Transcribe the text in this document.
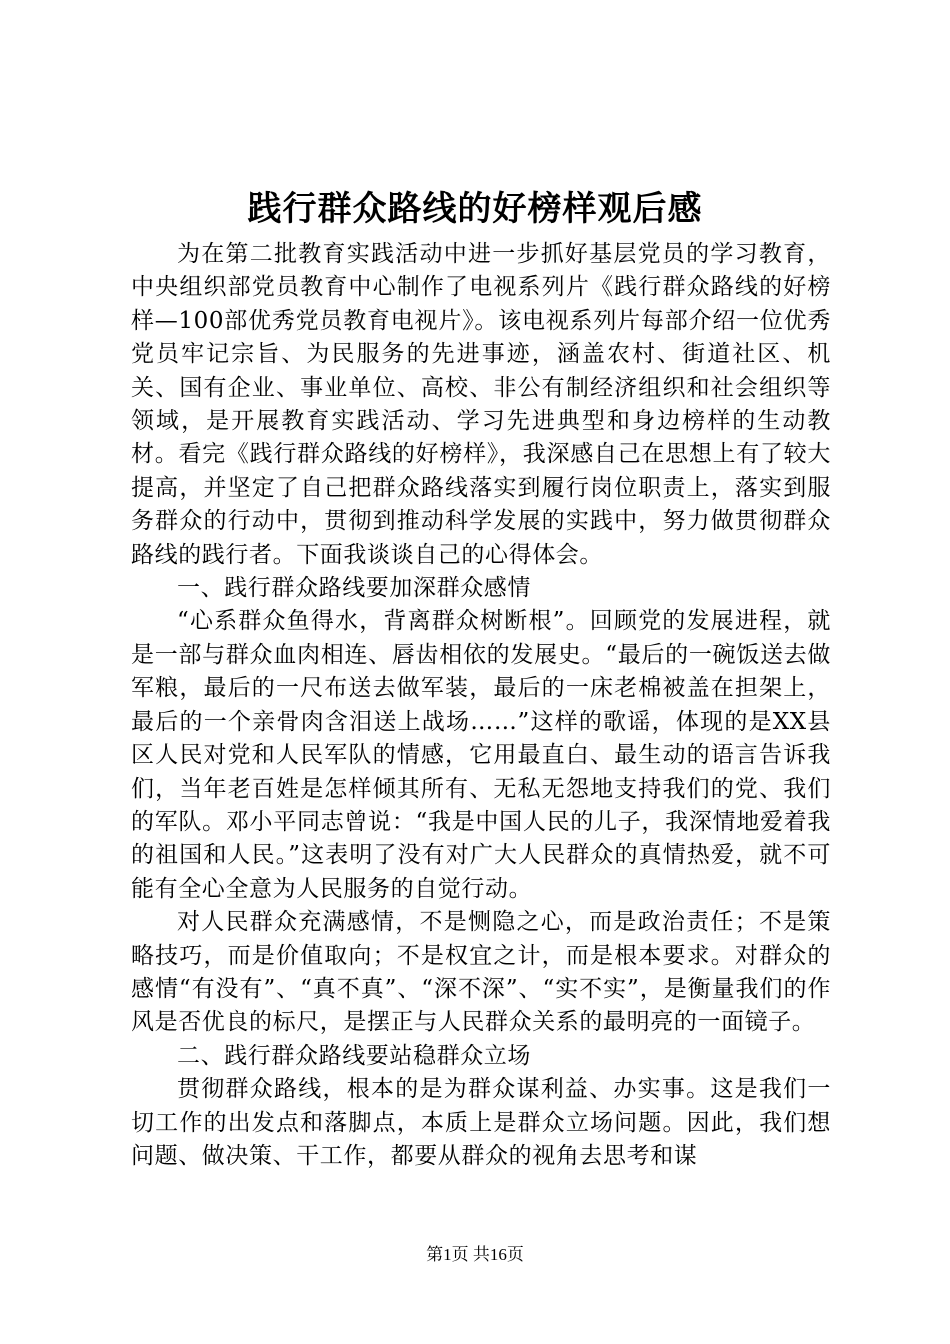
践行群众路线的好榜样观后感

为在第二批教育实践活动中进一步抓好基层党员的学习教育，中央组织部党员教育中心制作了电视系列片《践行群众路线的好榜样—100部优秀党员教育电视片》。该电视系列片每部介绍一位优秀党员牢记宗旨、为民服务的先进事迹，涵盖农村、街道社区、机关、国有企业、事业单位、高校、非公有制经济组织和社会组织等领域，是开展教育实践活动、学习先进典型和身边榜样的生动教材。看完《践行群众路线的好榜样》，我深感自己在思想上有了较大提高，并坚定了自己把群众路线落实到履行岗位职责上，落实到服务群众的行动中，贯彻到推动科学发展的实践中，努力做贯彻群众路线的践行者。下面我谈谈自己的心得体会。

一、践行群众路线要加深群众感情

“心系群众鱼得水，背离群众树断根”。回顾党的发展进程，就是一部与群众血肉相连、唇齿相依的发展史。“最后的一碗饭送去做军粮，最后的一尺布送去做军装，最后的一床老棉被盖在担架上，最后的一个亲骨肉含泪送上战场……”这样的歌谣，体现的是XX县区人民对党和人民军队的情感，它用最直白、最生动的语言告诉我们，当年老百姓是怎样倾其所有、无私无怨地支持我们的党、我们的军队。邓小平同志曾说：“我是中国人民的儿子，我深情地爱着我的祖国和人民。”这表明了没有对广大人民群众的真情热爱，就不可能有全心全意为人民服务的自觉行动。

对人民群众充满感情，不是恻隐之心，而是政治责任；不是策略技巧，而是价值取向；不是权宜之计，而是根本要求。对群众的感情“有没有”、“真不真”、“深不深”、“实不实”，是衡量我们的作风是否优良的标尺，是摆正与人民群众关系的最明亮的一面镜子。

二、践行群众路线要站稳群众立场

贯彻群众路线，根本的是为群众谋利益、办实事。这是我们一切工作的出发点和落脚点，本质上是群众立场问题。因此，我们想问题、做决策、干工作，都要从群众的视角去思考和谋

第1页 共16页
